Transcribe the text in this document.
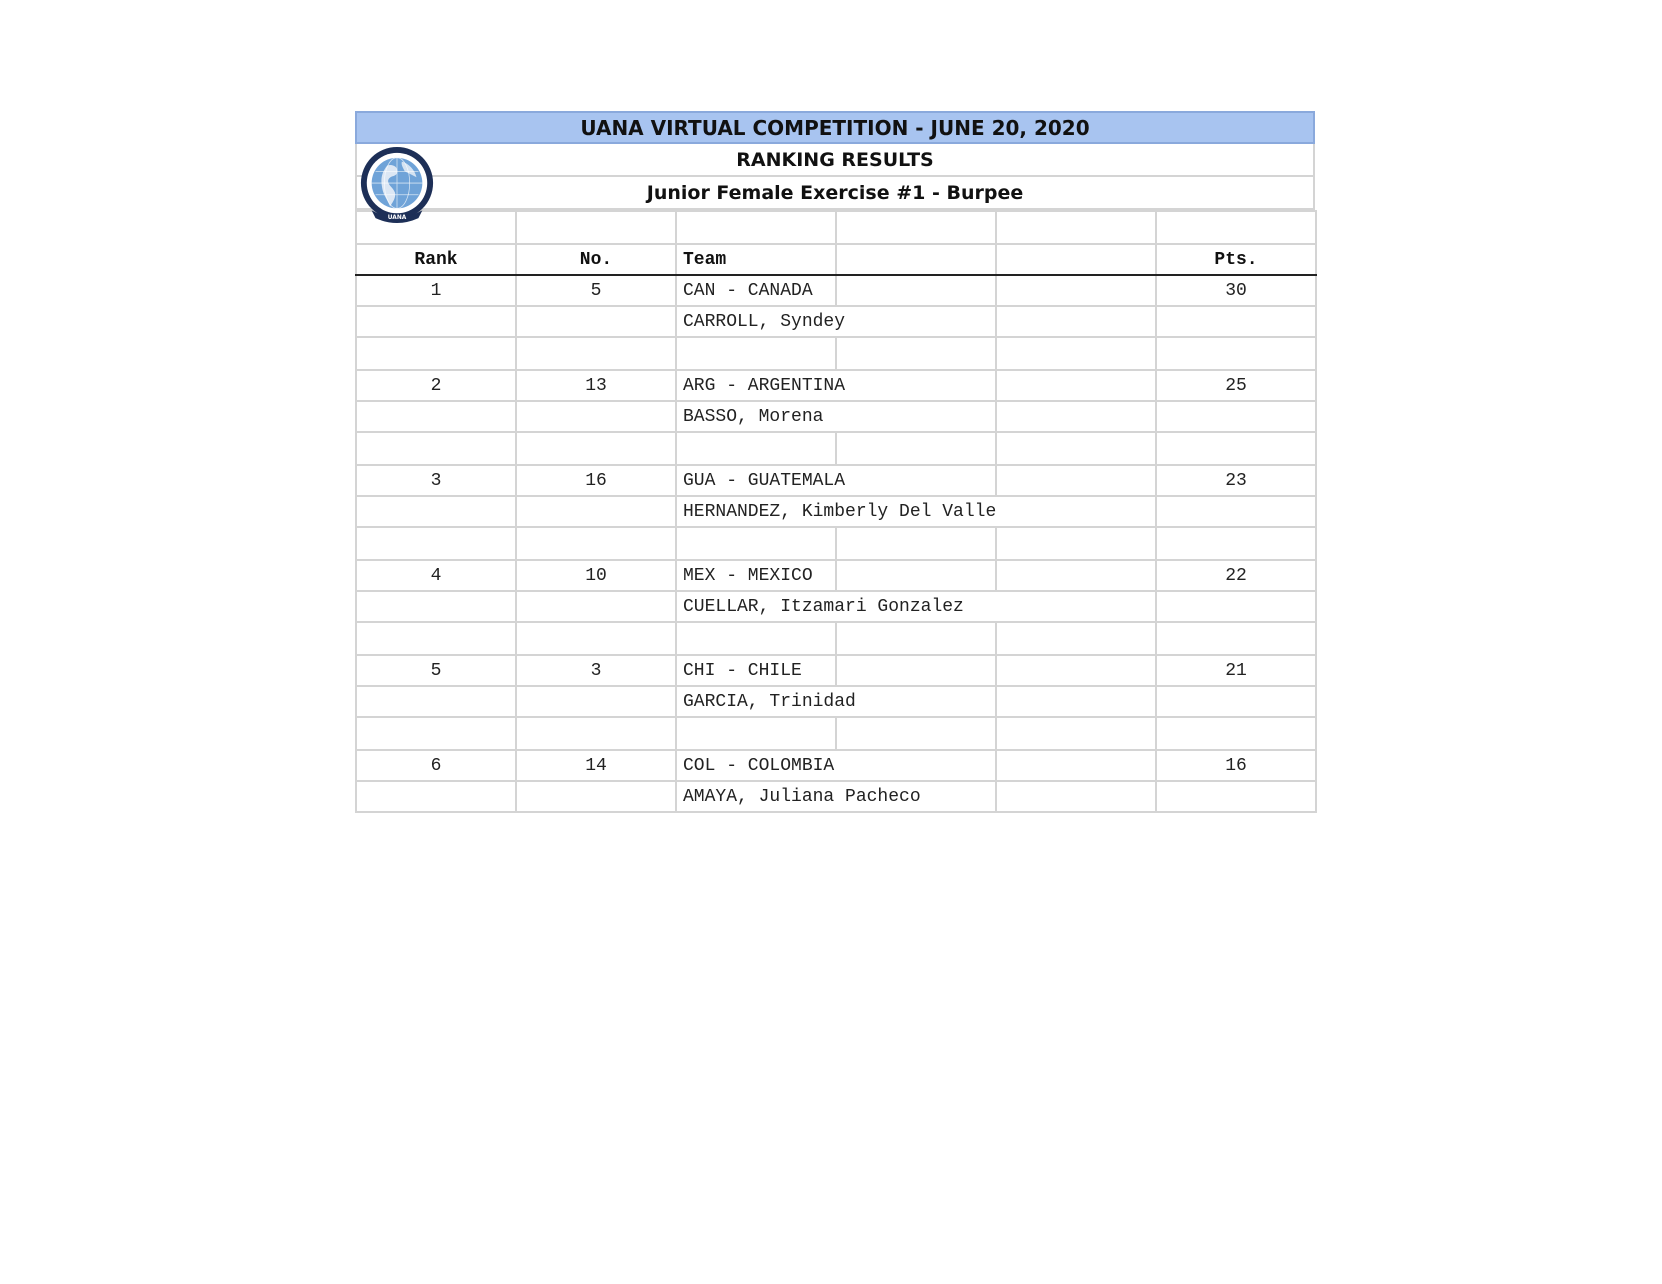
UANA VIRTUAL COMPETITION - JUNE 20, 2020
UANA
RANKING RESULTS
Junior Female Exercise #1 - Burpee

Rank	No.	Team			Pts.
1	5	CAN - CANADA			30
		CARROLL, Syndey			

2	13	ARG - ARGENTINA			25
		BASSO, Morena			

3	16	GUA - GUATEMALA			23
		HERNANDEZ, Kimberly Del Valle			

4	10	MEX - MEXICO			22
		CUELLAR, Itzamari Gonzalez			

5	3	CHI - CHILE			21
		GARCIA, Trinidad			

6	14	COL - COLOMBIA			16
		AMAYA, Juliana Pacheco			
